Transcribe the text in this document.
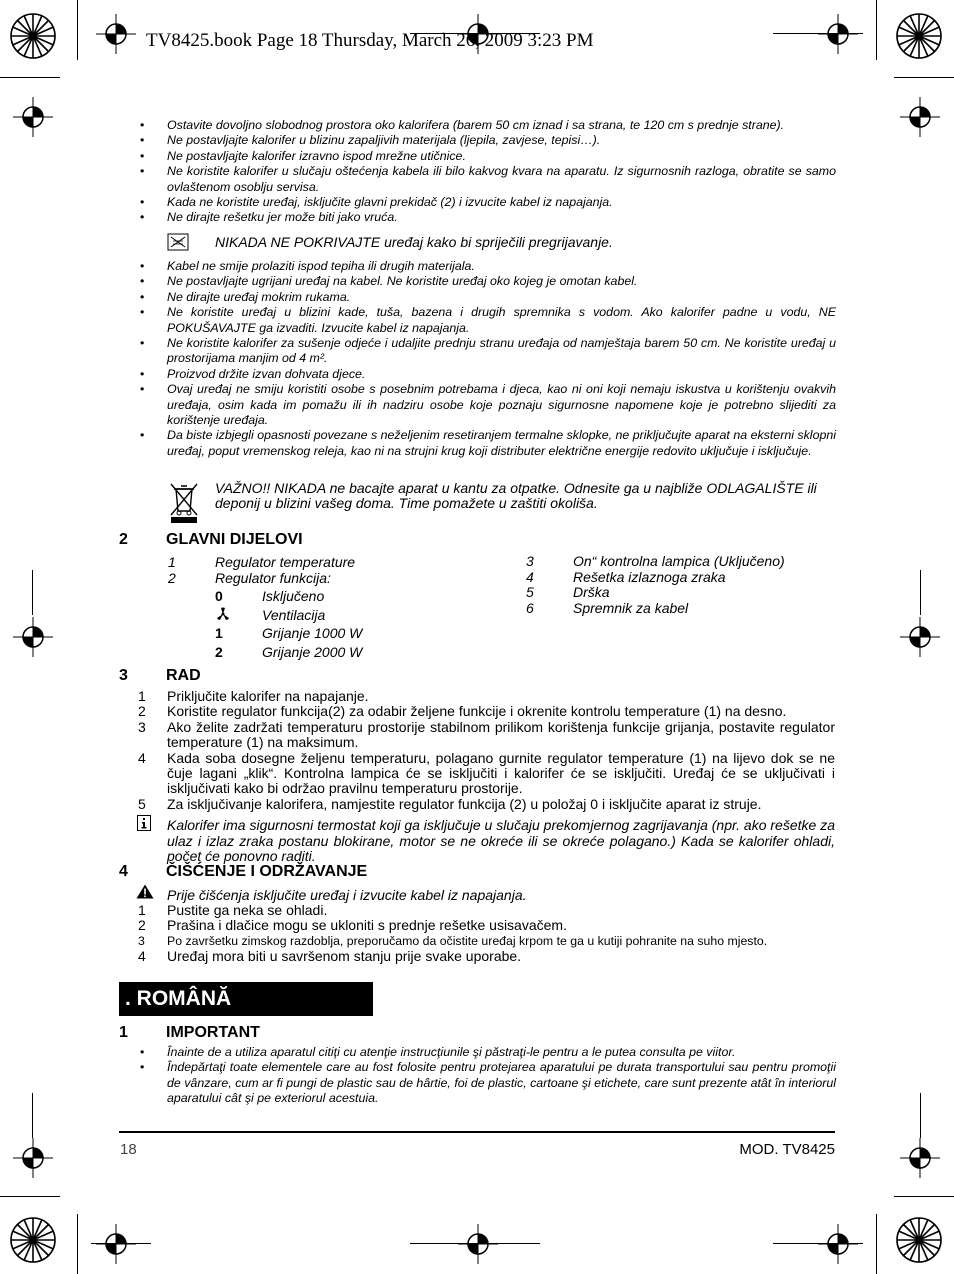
TV8425.book Page 18 Thursday, March 26, 2009 3:23 PM
• Ostavite dovoljno slobodnog prostora oko kalorifera (barem 50 cm iznad i sa strana, te 120 cm s prednje strane).
• Ne postavljajte kalorifer u blizinu zapaljivih materijala (ljepila, zavjese, tepisi…).
• Ne postavljajte kalorifer izravno ispod mrežne utičnice.
• Ne koristite kalorifer u slučaju oštećenja kabela ili bilo kakvog kvara na aparatu. Iz sigurnosnih razloga, obratite se samo ovlaštenom osoblju servisa.
• Kada ne koristite uređaj, isključite glavni prekidač (2) i izvucite kabel iz napajanja.
• Ne dirajte rešetku jer može biti jako vruća.
NIKADA NE POKRIVAJTE uređaj kako bi spriječili pregrijavanje.
• Kabel ne smije prolaziti ispod tepiha ili drugih materijala.
• Ne postavljajte ugrijani uređaj na kabel. Ne koristite uređaj oko kojeg je omotan kabel.
• Ne dirajte uređaj mokrim rukama.
• Ne koristite uređaj u blizini kade, tuša, bazena i drugih spremnika s vodom. Ako kalorifer padne u vodu, NE POKUŠAVAJTE ga izvaditi. Izvucite kabel iz napajanja.
• Ne koristite kalorifer za sušenje odjeće i udaljite prednju stranu uređaja od namještaja barem 50 cm. Ne koristite uređaj u prostorijama manjim od 4 m².
• Proizvod držite izvan dohvata djece.
• Ovaj uređaj ne smiju koristiti osobe s posebnim potrebama i djeca, kao ni oni koji nemaju iskustva u korištenju ovakvih uređaja, osim kada im pomažu ili ih nadziru osobe koje poznaju sigurnosne napomene koje je potrebno slijediti za korištenje uređaja.
• Da biste izbjegli opasnosti povezane s neželjenim resetiranjem termalne sklopke, ne priključujte aparat na eksterni sklopni uređaj, poput vremenskog releja, kao ni na strujni krug koji distributer električne energije redovito uključuje i isključuje.
VAŽNO!! NIKADA ne bacajte aparat u kantu za otpatke. Odnesite ga u najbliže ODLAGALIŠTE ili deponij u blizini vašeg doma. Time pomažete u zaštiti okoliša.
2 GLAVNI DIJELOVI
1	Regulator temperature
2	Regulator funkcija:
0	Isključeno
Ventilacija
1	Grijanje 1000 W
2	Grijanje 2000 W
3	On“ kontrolna lampica (Uključeno)
4	Rešetka izlaznoga zraka
5	Drška
6	Spremnik za kabel
3 RAD
1 Priključite kalorifer na napajanje.
2 Koristite regulator funkcija(2) za odabir željene funkcije i okrenite kontrolu temperature (1) na desno.
3 Ako želite zadržati temperaturu prostorije stabilnom prilikom korištenja funkcije grijanja, postavite regulator temperature (1) na maksimum.
4 Kada soba dosegne željenu temperaturu, polagano gurnite regulator temperature (1) na lijevo dok se ne čuje lagani „klik“. Kontrolna lampica će se isključiti i kalorifer će se isključiti. Uređaj će se uključivati i isključivati kako bi održao pravilnu temperaturu prostorije.
5 Za isključivanje kalorifera, namjestite regulator funkcija (2) u položaj 0 i isključite aparat iz struje.
Kalorifer ima sigurnosni termostat koji ga isključuje u slučaju prekomjernog zagrijavanja (npr. ako rešetke za ulaz i izlaz zraka postanu blokirane, motor se ne okreće ili se okreće polagano.) Kada se kalorifer ohladi, počet će ponovno raditi.
4 ČIŠĆENJE I ODRŽAVANJE
Prije čišćenja isključite uređaj i izvucite kabel iz napajanja.
1 Pustite ga neka se ohladi.
2 Prašina i dlačice mogu se ukloniti s prednje rešetke usisavačem.
3 Po završetku zimskog razdoblja, preporučamo da očistite uređaj krpom te ga u kutiji pohranite na suho mjesto.
4 Uređaj mora biti u savršenom stanju prije svake uporabe.
. ROMÂNĂ
1 IMPORTANT
• Înainte de a utiliza aparatul citiţi cu atenţie instrucţiunile şi păstraţi-le pentru a le putea consulta pe viitor.
• Îndepărtaţi toate elementele care au fost folosite pentru protejarea aparatului pe durata transportului sau pentru promoţii de vânzare, cum ar fi pungi de plastic sau de hârtie, foi de plastic, cartoane şi etichete, care sunt prezente atât în interiorul aparatului cât şi pe exteriorul acestuia.
18	MOD. TV8425
